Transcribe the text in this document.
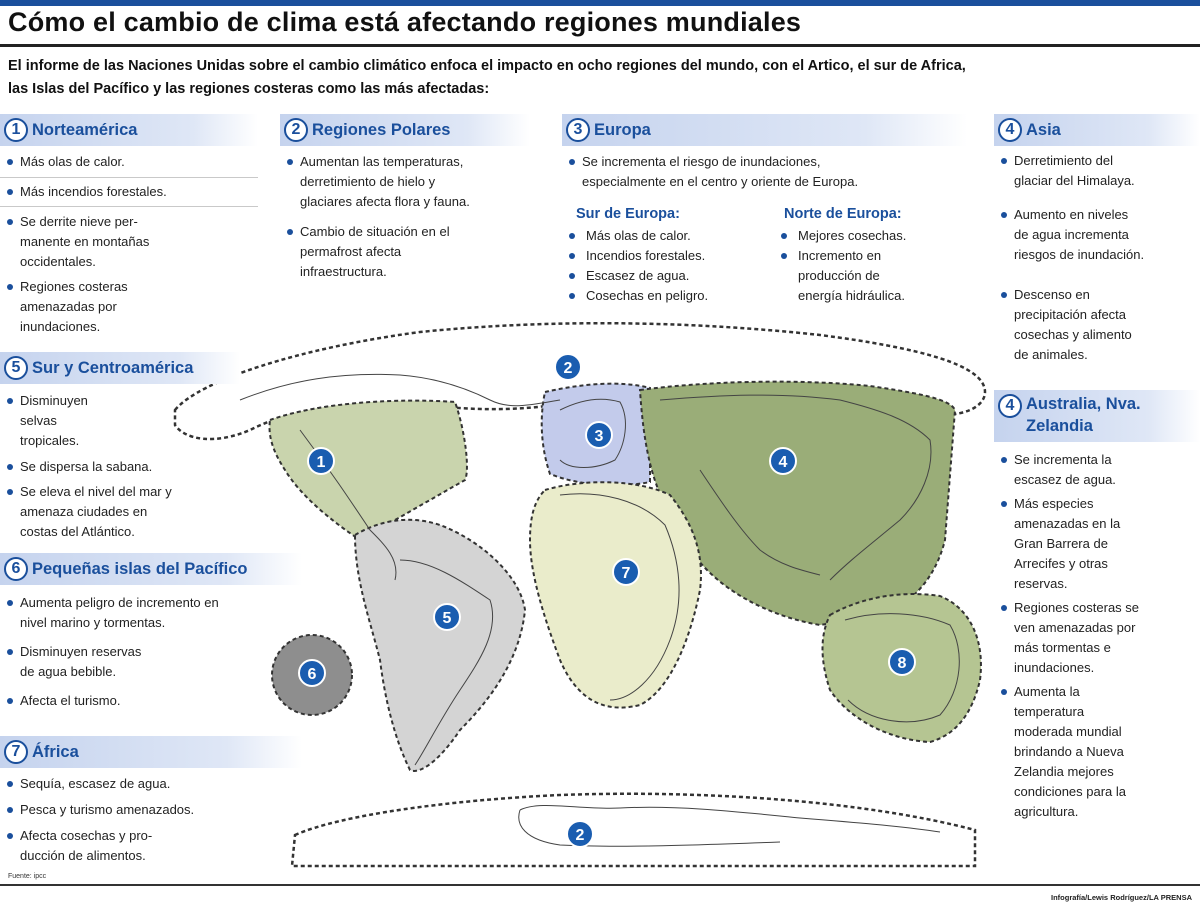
Cómo el cambio de clima está afectando regiones mundiales
El informe de las Naciones Unidas sobre el cambio climático enfoca el impacto en ocho regiones del mundo, con el Artico, el sur de Africa,
las Islas del Pacífico y las regiones costeras como las más afectadas:
1
2
3
4
5
6
7
8
2
1 Norteamérica
Más olas de calor.
Más incendios forestales.
Se derrite nieve per-
manente en montañas
occidentales.
Regiones costeras
amenazadas por
inundaciones.
2 Regiones Polares
Aumentan las temperaturas,
derretimiento de hielo y
glaciares afecta flora y fauna.
Cambio de situación en el
permafrost afecta
infraestructura.
3 Europa
Se incrementa el riesgo de inundaciones,
especialmente en el centro y oriente de Europa.
Sur de Europa:
Más olas de calor.
Incendios forestales.
Escasez de agua.
Cosechas en peligro.
Norte de Europa:
Mejores cosechas.
Incremento en
producción de
energía hidráulica.
4 Asia
Derretimiento del
glaciar del Himalaya.
Aumento en niveles
de agua incrementa
riesgos de inundación.
Descenso en
precipitación afecta
cosechas y alimento
de animales.
5 Sur y Centroamérica
Disminuyen
selvas
tropicales.
Se dispersa la sabana.
Se eleva el nivel del mar y
amenaza ciudades en
costas del Atlántico.
6 Pequeñas islas del Pacífico
Aumenta peligro de incremento en
nivel marino y tormentas.
Disminuyen reservas
de agua bebible.
Afecta el turismo.
7 África
Sequía, escasez de agua.
Pesca y turismo amenazados.
Afecta cosechas y pro-
ducción de alimentos.
4 Australia, Nva. Zelandia
Se incrementa la
escasez de agua.
Más especies
amenazadas en la
Gran Barrera de
Arrecifes y otras
reservas.
Regiones costeras se
ven amenazadas por
más tormentas e
inundaciones.
Aumenta la
temperatura
moderada mundial
brindando a Nueva
Zelandia mejores
condiciones para la
agricultura.
Fuente: ipcc
Infografía/Lewis Rodríguez/LA PRENSA
